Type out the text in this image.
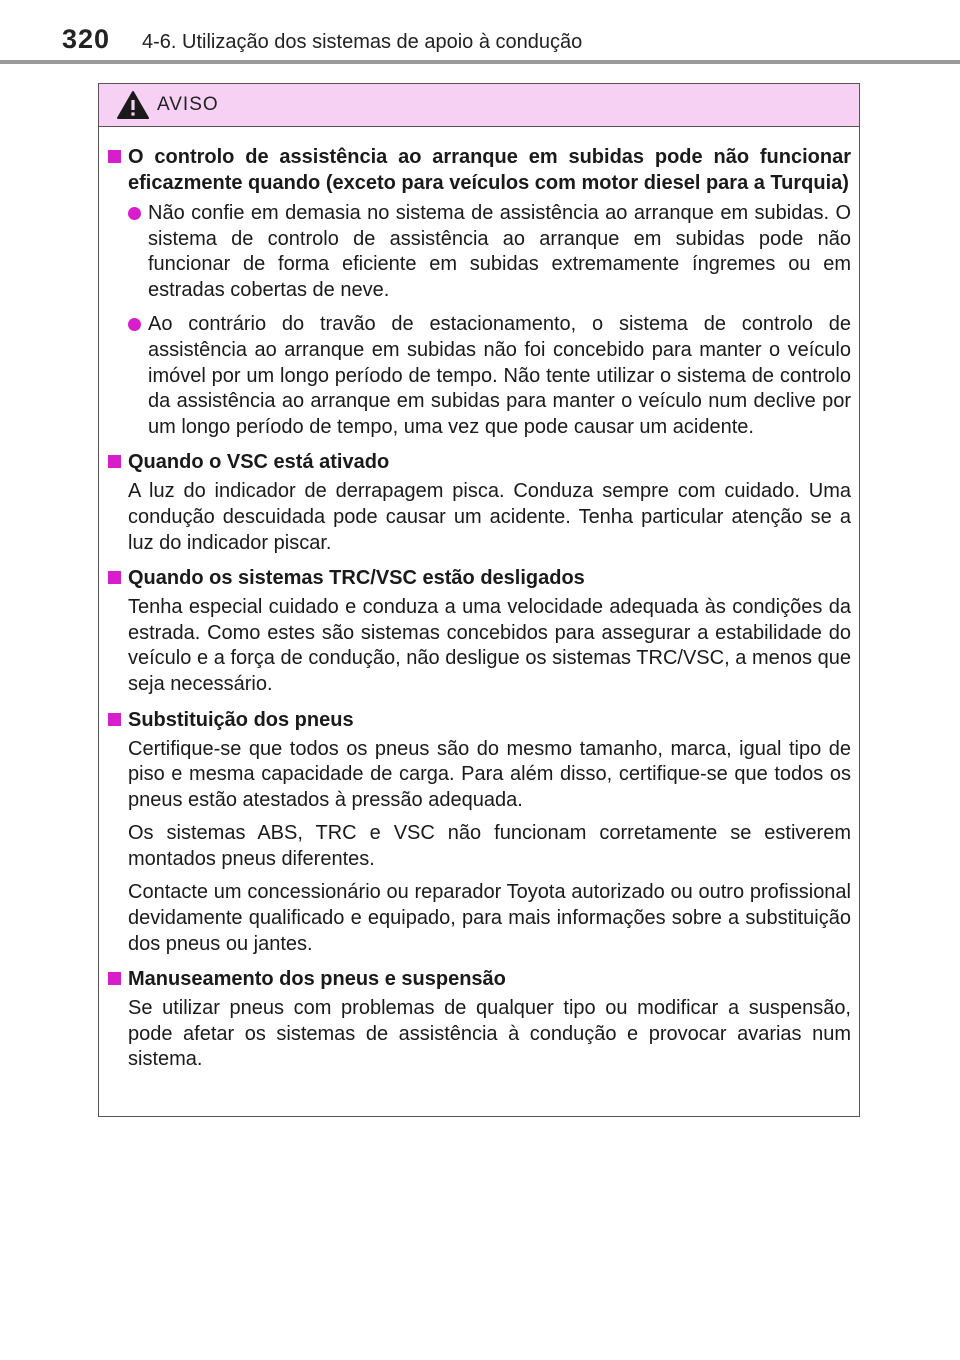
320 4-6. Utilização dos sistemas de apoio à condução
AVISO
O controlo de assistência ao arranque em subidas pode não funcionar eficazmente quando (exceto para veículos com motor diesel para a Turquia)
Não confie em demasia no sistema de assistência ao arranque em subidas. O sistema de controlo de assistência ao arranque em subidas pode não funcionar de forma eficiente em subidas extremamente íngremes ou em estradas cobertas de neve.
Ao contrário do travão de estacionamento, o sistema de controlo de assistência ao arranque em subidas não foi concebido para manter o veículo imóvel por um longo período de tempo. Não tente utilizar o sistema de controlo da assistência ao arranque em subidas para manter o veículo num declive por um longo período de tempo, uma vez que pode causar um acidente.
Quando o VSC está ativado
A luz do indicador de derrapagem pisca. Conduza sempre com cuidado. Uma condução descuidada pode causar um acidente. Tenha particular atenção se a luz do indicador piscar.
Quando os sistemas TRC/VSC estão desligados
Tenha especial cuidado e conduza a uma velocidade adequada às condições da estrada. Como estes são sistemas concebidos para assegurar a estabilidade do veículo e a força de condução, não desligue os sistemas TRC/VSC, a menos que seja necessário.
Substituição dos pneus
Certifique-se que todos os pneus são do mesmo tamanho, marca, igual tipo de piso e mesma capacidade de carga. Para além disso, certifique-se que todos os pneus estão atestados à pressão adequada.
Os sistemas ABS, TRC e VSC não funcionam corretamente se estiverem montados pneus diferentes.
Contacte um concessionário ou reparador Toyota autorizado ou outro profissional devidamente qualificado e equipado, para mais informações sobre a substituição dos pneus ou jantes.
Manuseamento dos pneus e suspensão
Se utilizar pneus com problemas de qualquer tipo ou modificar a suspensão, pode afetar os sistemas de assistência à condução e provocar avarias num sistema.
